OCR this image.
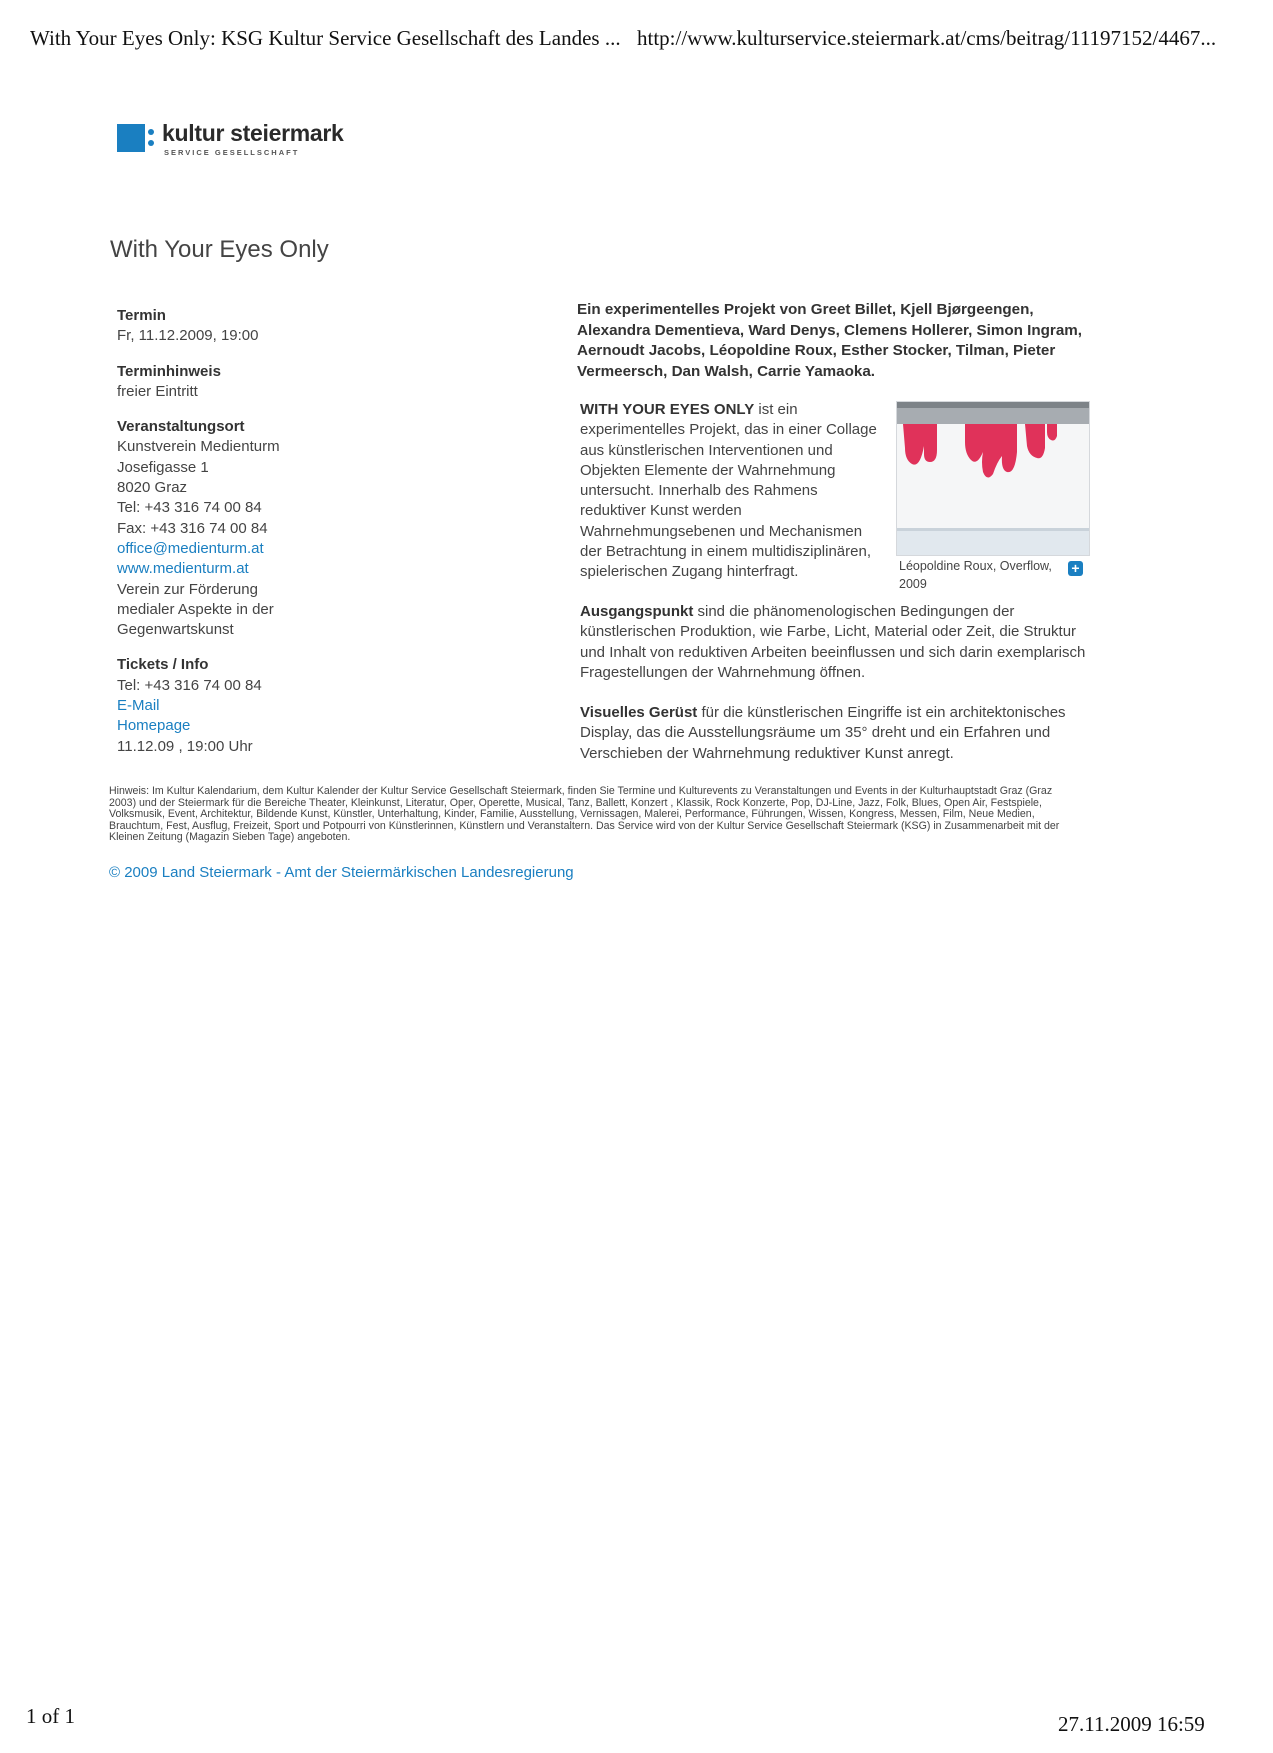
With Your Eyes Only: KSG Kultur Service Gesellschaft des Landes ... http://www.kulturservice.steiermark.at/cms/beitrag/11197152/4467...
kultur steiermark
SERVICE GESELLSCHAFT
With Your Eyes Only
Termin
Fr, 11.12.2009, 19:00
Terminhinweis
freier Eintritt
Veranstaltungsort
Kunstverein Medienturm
Josefigasse 1
8020 Graz
Tel: +43 316 74 00 84
Fax: +43 316 74 00 84
office@medienturm.at
www.medienturm.at
Verein zur Förderung
medialer Aspekte in der
Gegenwartskunst
Tickets / Info
Tel: +43 316 74 00 84
E-Mail
Homepage
11.12.09 , 19:00 Uhr
Ein experimentelles Projekt von Greet Billet, Kjell Bjørgeengen, Alexandra Dementieva, Ward Denys, Clemens Hollerer, Simon Ingram, Aernoudt Jacobs, Léopoldine Roux, Esther Stocker, Tilman, Pieter Vermeersch, Dan Walsh, Carrie Yamaoka.
WITH YOUR EYES ONLY ist ein experimentelles Projekt, das in einer Collage aus künstlerischen Interventionen und Objekten Elemente der Wahrnehmung untersucht. Innerhalb des Rahmens reduktiver Kunst werden Wahrnehmungsebenen und Mechanismen der Betrachtung in einem multidisziplinären, spielerischen Zugang hinterfragt.	Léopoldine Roux, Overflow, 2009
+
Ausgangspunkt sind die phänomenologischen Bedingungen der künstlerischen Produktion, wie Farbe, Licht, Material oder Zeit, die Struktur und Inhalt von reduktiven Arbeiten beeinflussen und sich darin exemplarisch Fragestellungen der Wahrnehmung öffnen.
Visuelles Gerüst für die künstlerischen Eingriffe ist ein architektonisches Display, das die Ausstellungsräume um 35° dreht und ein Erfahren und Verschieben der Wahrnehmung reduktiver Kunst anregt.
Hinweis: Im Kultur Kalendarium, dem Kultur Kalender der Kultur Service Gesellschaft Steiermark, finden Sie Termine und Kulturevents zu Veranstaltungen und Events in der Kulturhauptstadt Graz (Graz 2003) und der Steiermark für die Bereiche Theater, Kleinkunst, Literatur, Oper, Operette, Musical, Tanz, Ballett, Konzert , Klassik, Rock Konzerte, Pop, DJ-Line, Jazz, Folk, Blues, Open Air, Festspiele, Volksmusik, Event, Architektur, Bildende Kunst, Künstler, Unterhaltung, Kinder, Familie, Ausstellung, Vernissagen, Malerei, Performance, Führungen, Wissen, Kongress, Messen, Film, Neue Medien, Brauchtum, Fest, Ausflug, Freizeit, Sport und Potpourri von Künstlerinnen, Künstlern und Veranstaltern. Das Service wird von der Kultur Service Gesellschaft Steiermark (KSG) in Zusammenarbeit mit der Kleinen Zeitung (Magazin Sieben Tage) angeboten.
© 2009 Land Steiermark - Amt der Steiermärkischen Landesregierung
1 of 1	27.11.2009 16:59
